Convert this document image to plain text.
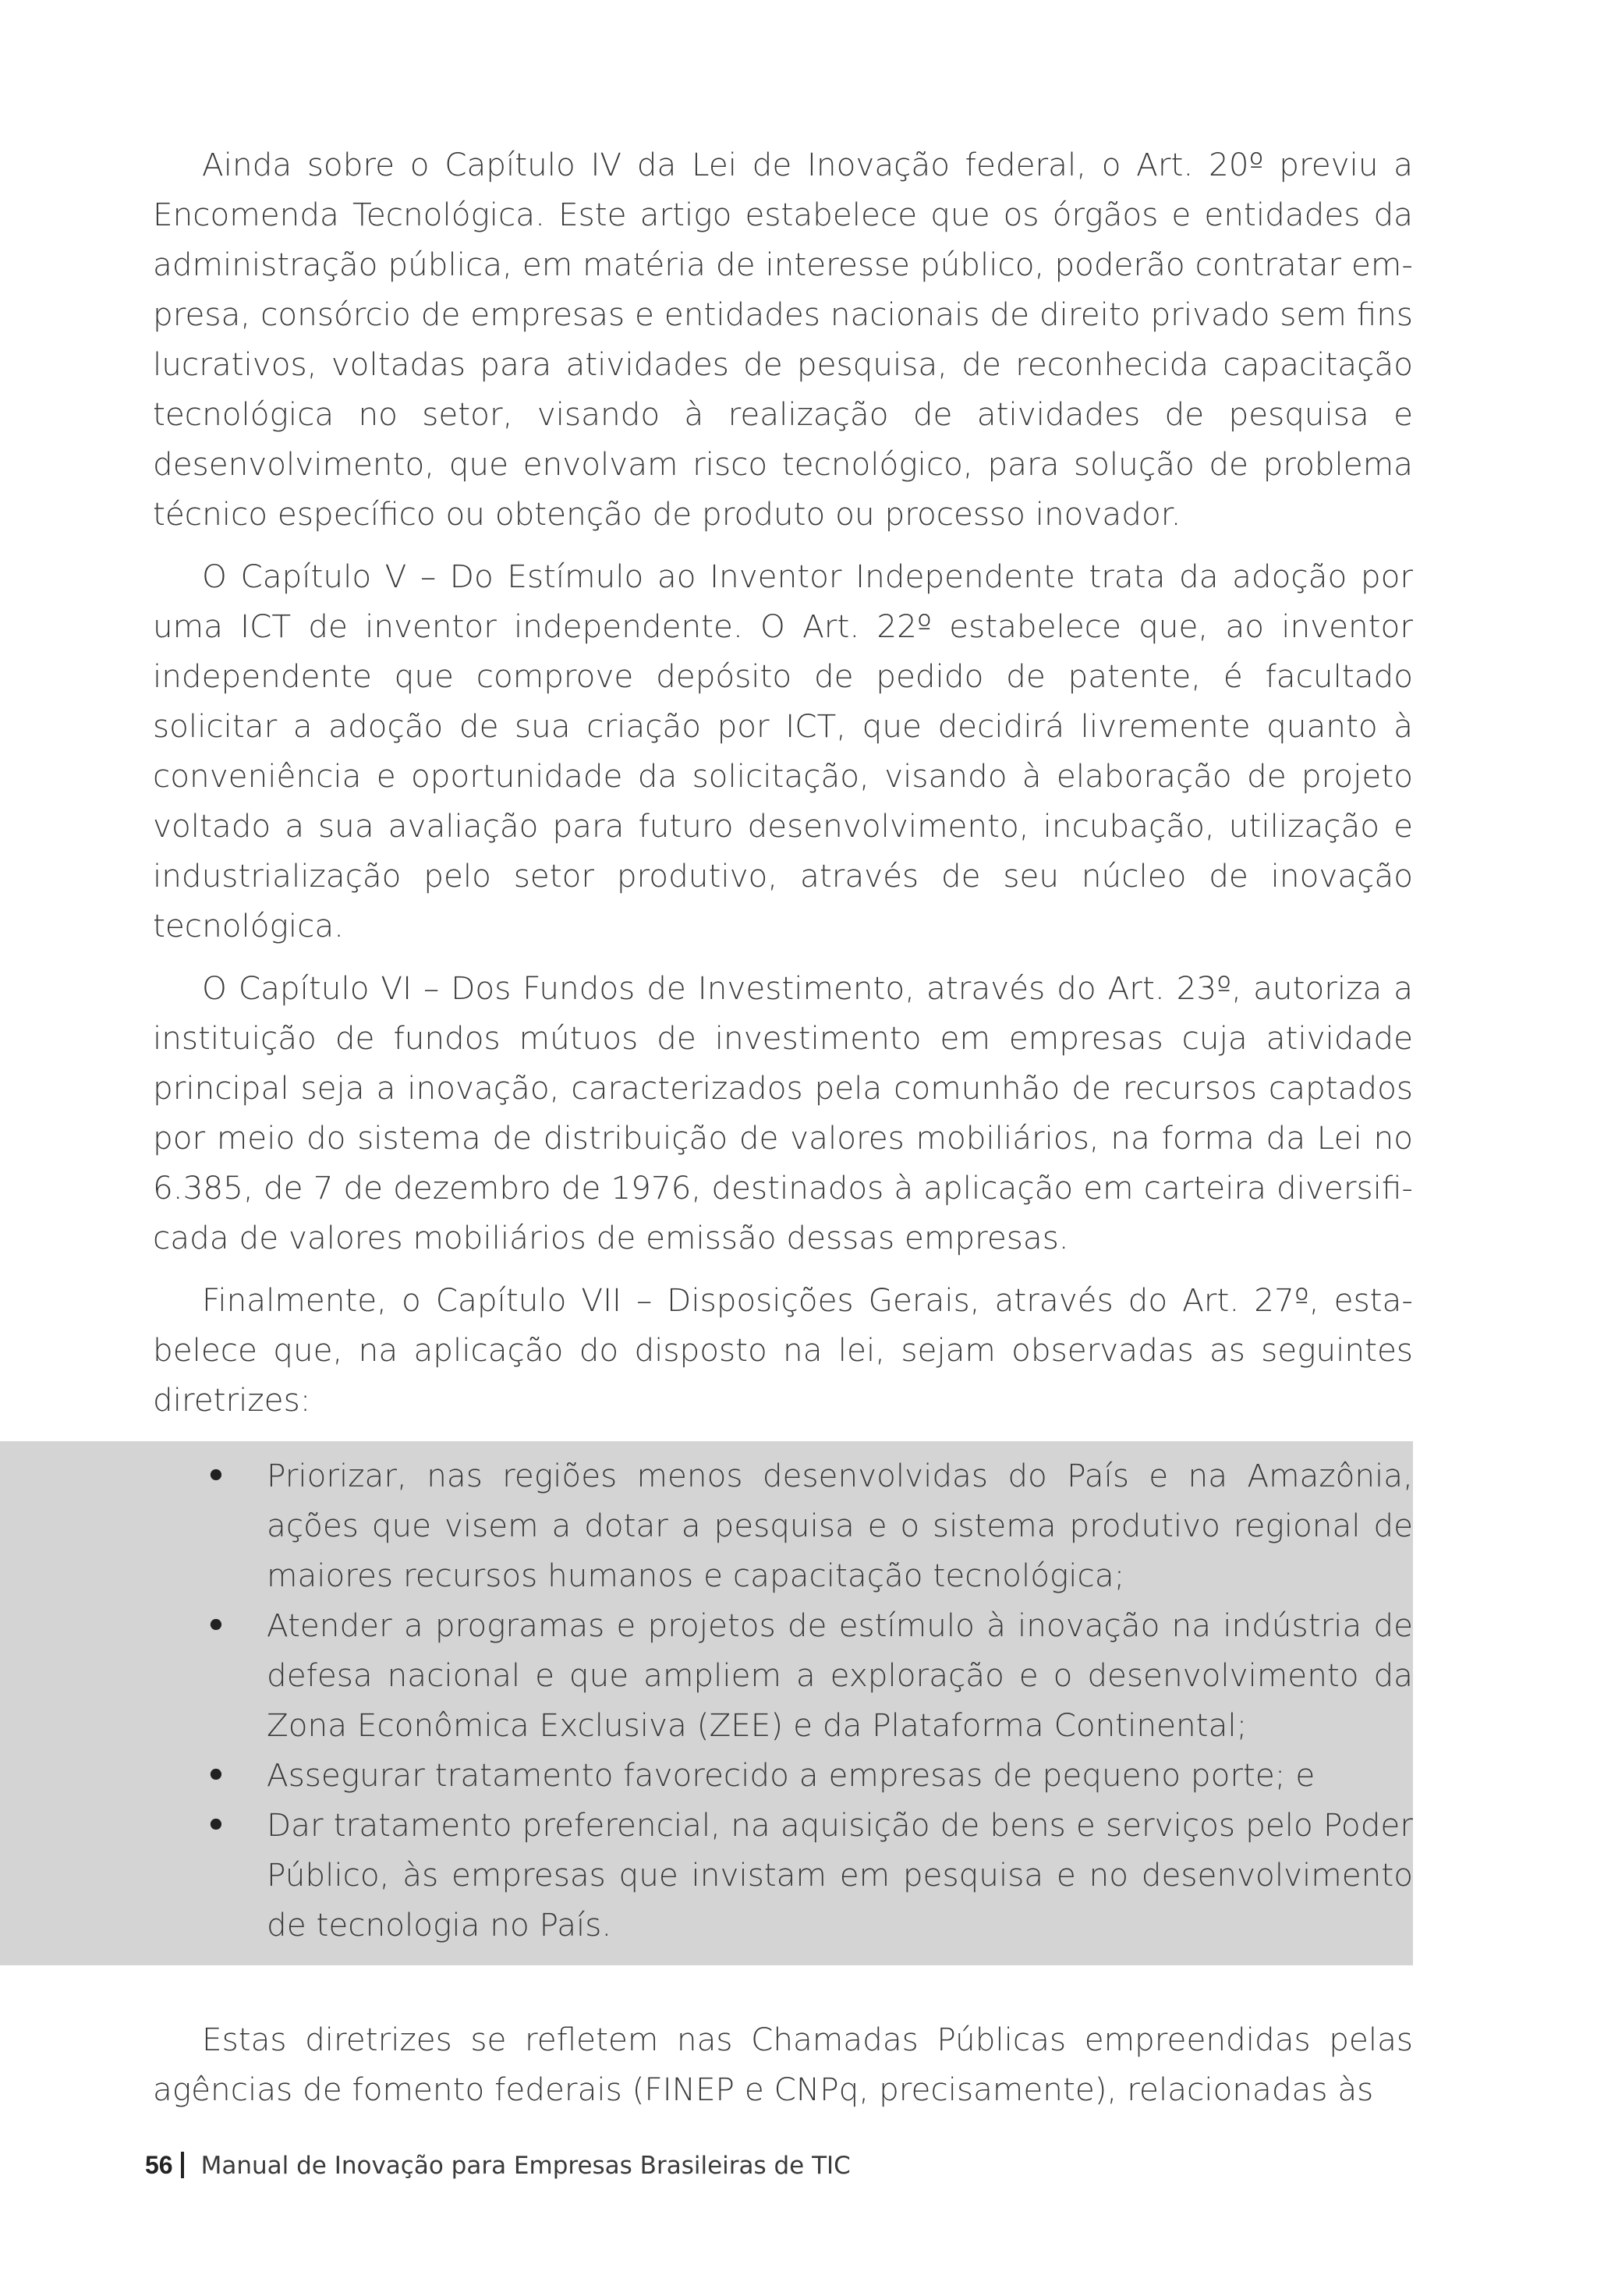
Ainda sobre o Capítulo IV da Lei de Inovação federal, o Art. 20º previu a Encomenda Tecnológica. Este artigo estabelece que os órgãos e entidades da administração pública, em matéria de interesse público, poderão contratar empresa, consórcio de empresas e entidades nacionais de direito privado sem fins lucrativos, voltadas para atividades de pesquisa, de reconhecida capacitação tecnológica no setor, visando à realização de atividades de pesquisa e desenvolvimento, que envolvam risco tecnológico, para solução de problema técnico específico ou obtenção de produto ou processo inovador.

O Capítulo V – Do Estímulo ao Inventor Independente trata da adoção por uma ICT de inventor independente. O Art. 22º estabelece que, ao inventor independente que comprove depósito de pedido de patente, é facultado solicitar a adoção de sua criação por ICT, que decidirá livremente quanto à conveniência e oportunidade da solicitação, visando à elaboração de projeto voltado a sua avaliação para futuro desenvolvimento, incubação, utilização e industrialização pelo setor produtivo, através de seu núcleo de inovação tecnológica.

O Capítulo VI – Dos Fundos de Investimento, através do Art. 23º, autoriza a instituição de fundos mútuos de investimento em empresas cuja atividade principal seja a inovação, caracterizados pela comunhão de recursos captados por meio do sistema de distribuição de valores mobiliários, na forma da Lei no 6.385, de 7 de dezembro de 1976, destinados à aplicação em carteira diversificada de valores mobiliários de emissão dessas empresas.

Finalmente, o Capítulo VII – Disposições Gerais, através do Art. 27º, estabelece que, na aplicação do disposto na lei, sejam observadas as seguintes diretrizes:

•	Priorizar, nas regiões menos desenvolvidas do País e na Amazônia, ações que visem a dotar a pesquisa e o sistema produtivo regional de maiores recursos humanos e capacitação tecnológica;
•	Atender a programas e projetos de estímulo à inovação na indústria de defesa nacional e que ampliem a exploração e o desenvolvimento da Zona Econômica Exclusiva (ZEE) e da Plataforma Continental;
•	Assegurar tratamento favorecido a empresas de pequeno porte; e
•	Dar tratamento preferencial, na aquisição de bens e serviços pelo Poder Público, às empresas que invistam em pesquisa e no desenvolvimento de tecnologia no País.

Estas diretrizes se refletem nas Chamadas Públicas empreendidas pelas agências de fomento federais (FINEP e CNPq, precisamente), relacionadas às

56 Manual de Inovação para Empresas Brasileiras de TIC
